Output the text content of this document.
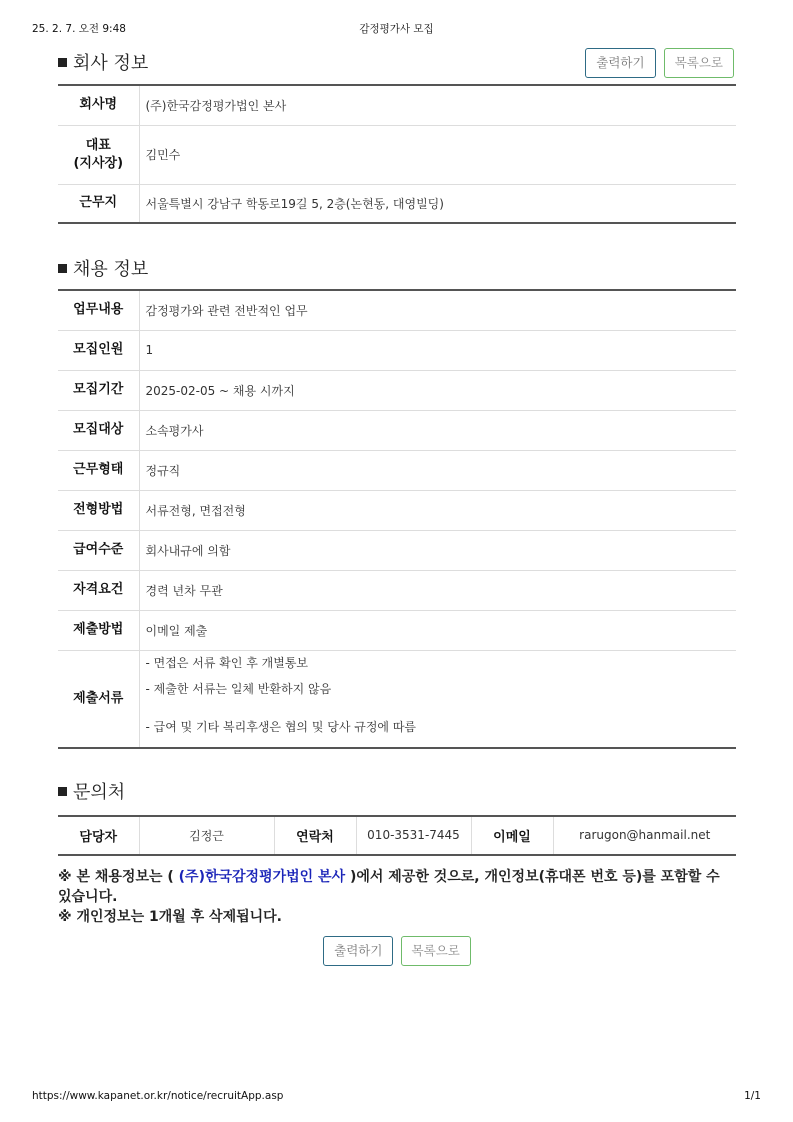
25. 2. 7. 오전 9:48	감정평가사 모집
회사 정보	출력하기 목록으로
회사명	(주)한국감정평가법인 본사
대표
(지사장)	김민수
근무지	서울특별시 강남구 학동로19길 5, 2층(논현동, 대영빌딩)
채용 정보
업무내용	감정평가와 관련 전반적인 업무
모집인원	1
모집기간	2025-02-05 ~ 채용 시까지
모집대상	소속평가사
근무형태	정규직
전형방법	서류전형, 면접전형
급여수준	회사내규에 의함
자격요건	경력 년차 무관
제출방법	이메일 제출
제출서류	- 면접은 서류 확인 후 개별통보
- 제출한 서류는 일체 반환하지 않음
- 급여 및 기타 복리후생은 협의 및 당사 규정에 따름
문의처
담당자	김정근	연락처	010-3531-7445	이메일	rarugon@hanmail.net
※ 본 채용정보는 ( (주)한국감정평가법인 본사 )에서 제공한 것으로, 개인정보(휴대폰 번호 등)를 포함할 수 있습니다.
※ 개인정보는 1개월 후 삭제됩니다.
출력하기 목록으로
https://www.kapanet.or.kr/notice/recruitApp.asp	1/1
